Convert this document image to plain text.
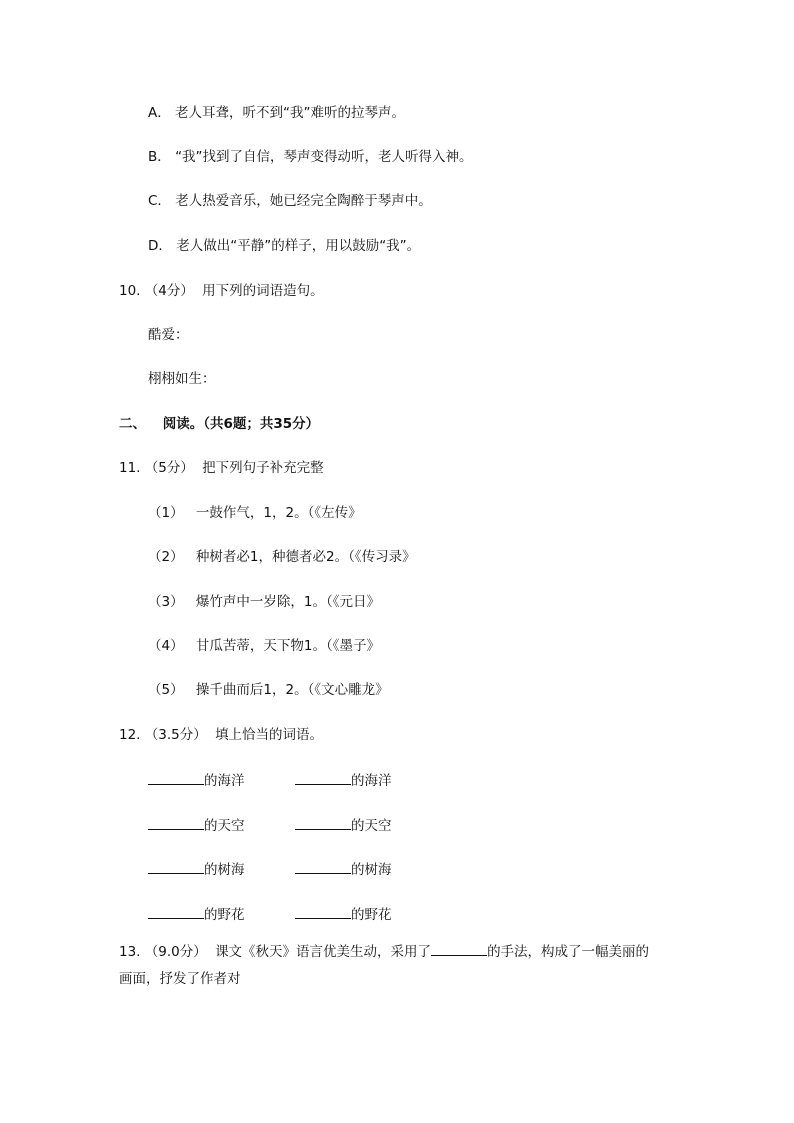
A． 老人耳聋，听不到“我”难听的拉琴声。
B． “我”找到了自信，琴声变得动听，老人听得入神。
C． 老人热爱音乐，她已经完全陶醉于琴声中。
D． 老人做出“平静”的样子，用以鼓励“我”。
10. （4分） 用下列的词语造句。
酷爱：
栩栩如生：
二、 阅读。（共6题；共35分）
11. （5分） 把下列句子补充完整
（1） 一鼓作气，1，2。（《左传》
（2） 种树者必1，种德者必2。（《传习录》
（3） 爆竹声中一岁除，1。（《元日》
（4） 甘瓜苦蒂，天下物1。（《墨子》
（5） 操千曲而后1，2。（《文心雕龙》
12. （3.5分） 填上恰当的词语。
的海洋	的海洋
的天空	的天空
的树海	的树海
的野花	的野花
13. （9.0分） 课文《秋天》语言优美生动，采用了	的手法，构成了一幅美丽的
画面，抒发了作者对
